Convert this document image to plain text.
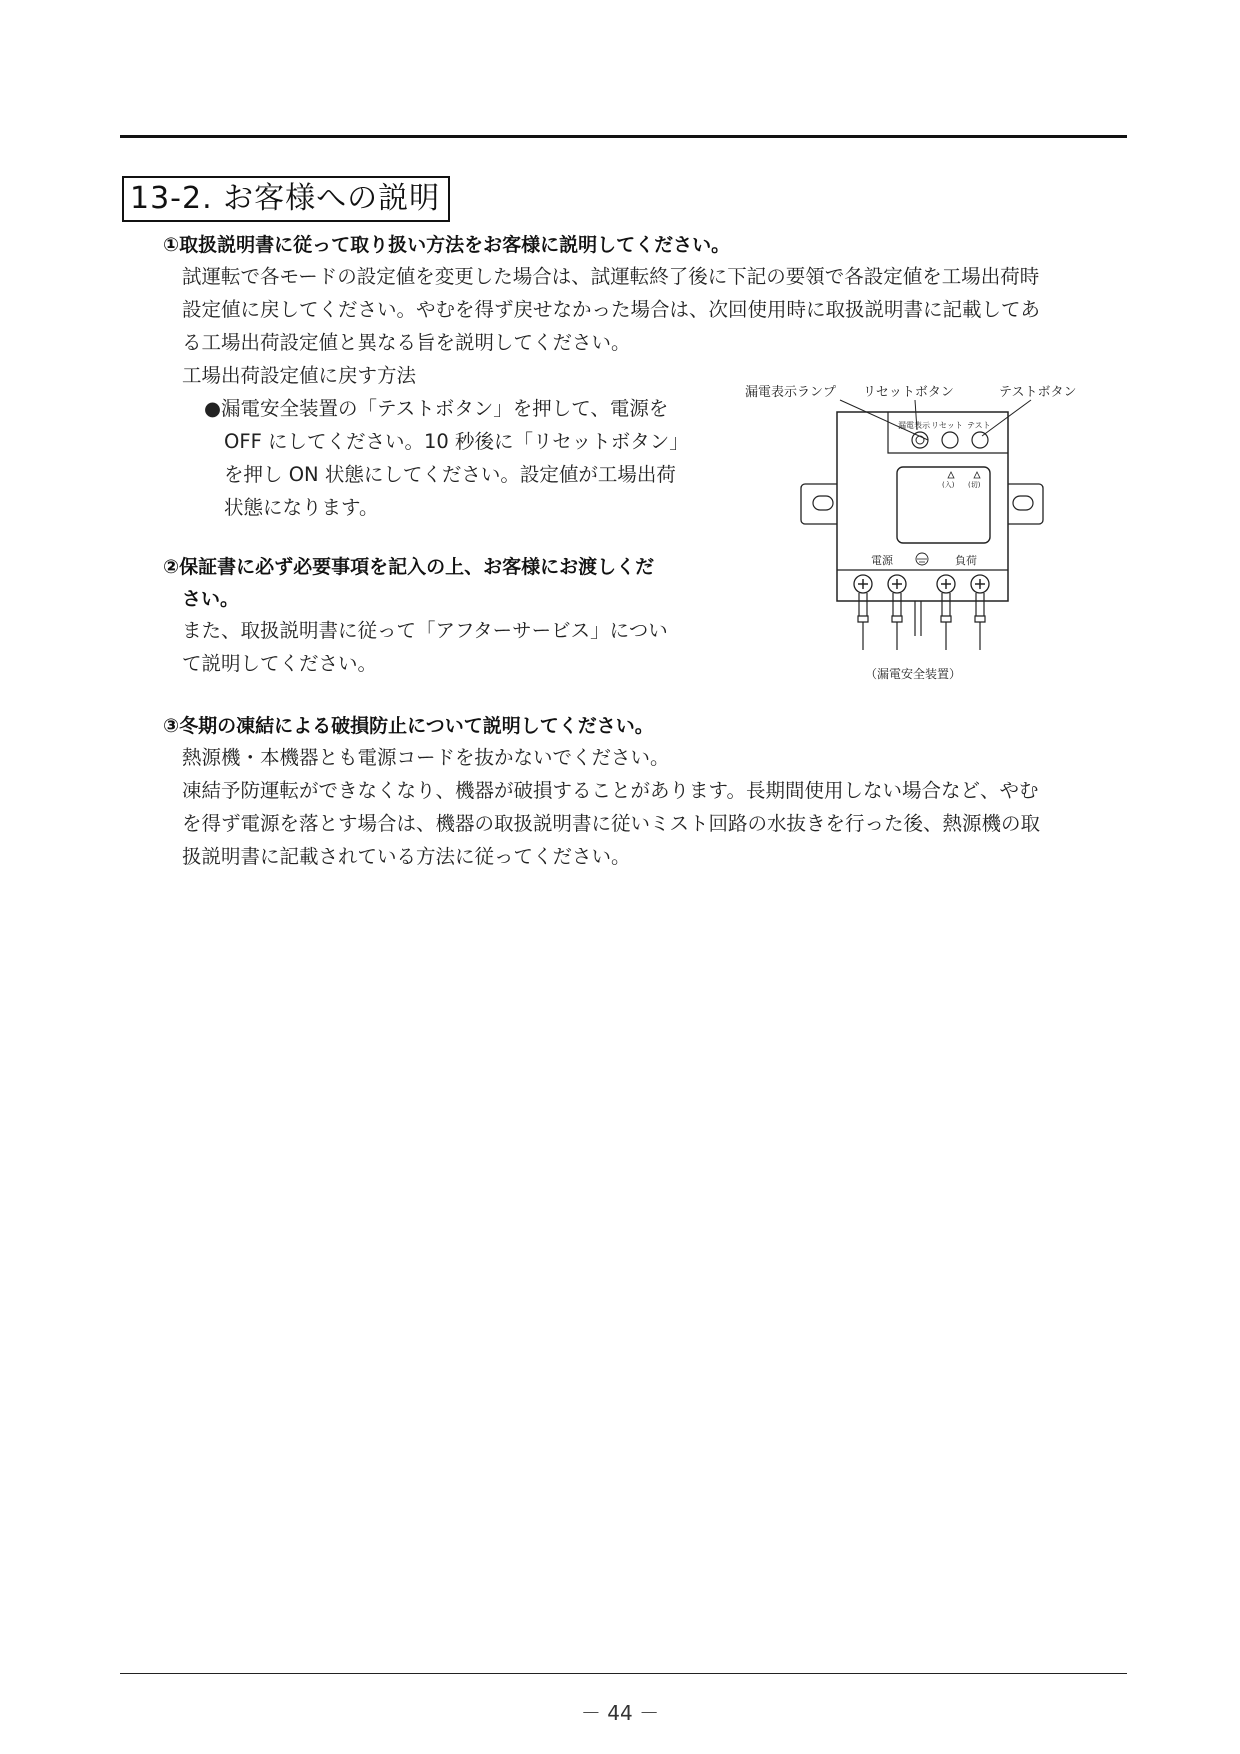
13-2. お客様への説明
①取扱説明書に従って取り扱い方法をお客様に説明してください。
試運転で各モードの設定値を変更した場合は、試運転終了後に下記の要領で各設定値を工場出荷時
設定値に戻してください。やむを得ず戻せなかった場合は、次回使用時に取扱説明書に記載してあ
る工場出荷設定値と異なる旨を説明してください。
工場出荷設定値に戻す方法
●漏電安全装置の「テストボタン」を押して、電源を
OFF にしてください。10 秒後に「リセットボタン」
を押し ON 状態にしてください。設定値が工場出荷
状態になります。
②保証書に必ず必要事項を記入の上、お客様にお渡しくだ
さい。
また、取扱説明書に従って「アフターサービス」につい
て説明してください。
③冬期の凍結による破損防止について説明してください。
熱源機・本機器とも電源コードを抜かないでください。
凍結予防運転ができなくなり、機器が破損することがあります。長期間使用しない場合など、やむ
を得ず電源を落とす場合は、機器の取扱説明書に従いミスト回路の水抜きを行った後、熱源機の取
扱説明書に記載されている方法に従ってください。
漏電表示ランプ リセットボタン	テストボタン
漏電表示 リセット テスト
(入) (切)
電源	負荷
（漏電安全装置）
－ 44 －
